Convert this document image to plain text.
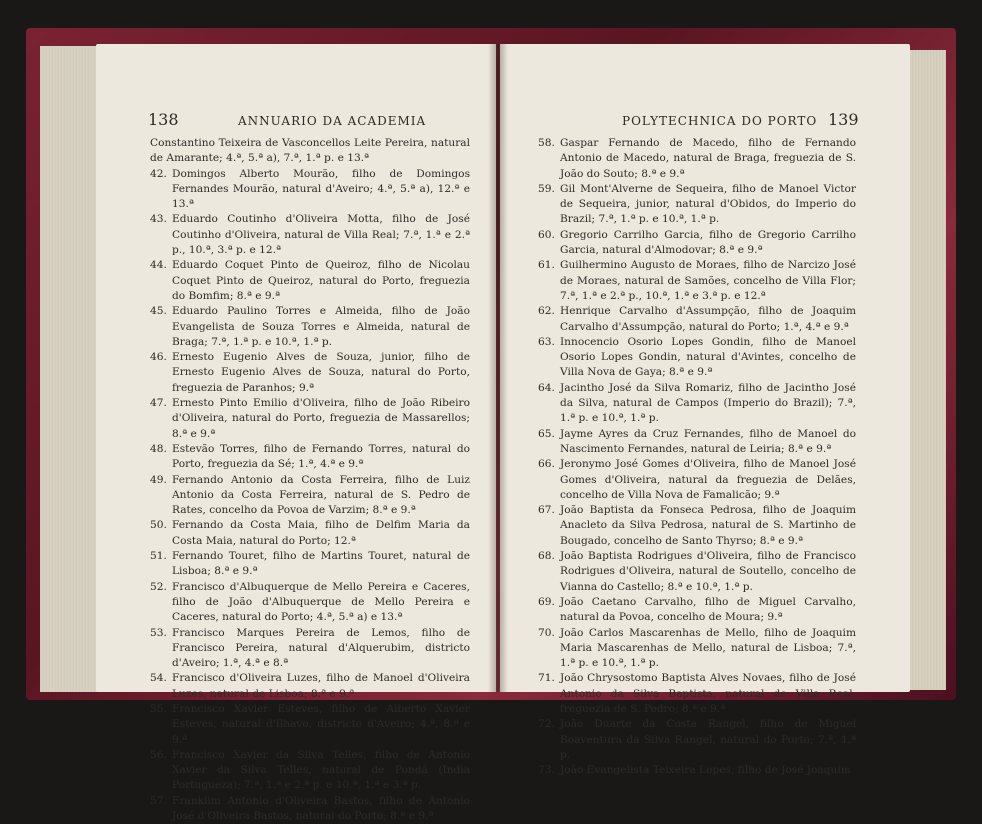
138	ANNUARIO DA ACADEMIA

Constantino Teixeira de Vasconcellos Leite Pereira, natural de Amarante; 4.ª, 5.ª a), 7.ª, 1.ª p. e 13.ª

42. Domingos Alberto Mourão, filho de Domingos Fernandes Mourão, natural d'Aveiro; 4.ª, 5.ª a), 12.ª e 13.ª

43. Eduardo Coutinho d'Oliveira Motta, filho de José Coutinho d'Oliveira, natural de Villa Real; 7.ª, 1.ª e 2.ª p., 10.ª, 3.ª p. e 12.ª

44. Eduardo Coquet Pinto de Queiroz, filho de Nicolau Coquet Pinto de Queiroz, natural do Porto, freguezia do Bomfim; 8.ª e 9.ª

45. Eduardo Paulino Torres e Almeida, filho de João Evangelista de Souza Torres e Almeida, natural de Braga; 7.ª, 1.ª p. e 10.ª, 1.ª p.

46. Ernesto Eugenio Alves de Souza, junior, filho de Ernesto Eugenio Alves de Souza, natural do Porto, freguezia de Paranhos; 9.ª

47. Ernesto Pinto Emilio d'Oliveira, filho de João Ribeiro d'Oliveira, natural do Porto, freguezia de Massarellos; 8.ª e 9.ª

48. Estevão Torres, filho de Fernando Torres, natural do Porto, freguezia da Sé; 1.ª, 4.ª e 9.ª

49. Fernando Antonio da Costa Ferreira, filho de Luiz Antonio da Costa Ferreira, natural de S. Pedro de Rates, concelho da Povoa de Varzim; 8.ª e 9.ª

50. Fernando da Costa Maia, filho de Delfim Maria da Costa Maia, natural do Porto; 12.ª

51. Fernando Touret, filho de Martins Touret, natural de Lisboa; 8.ª e 9.ª

52. Francisco d'Albuquerque de Mello Pereira e Caceres, filho de João d'Albuquerque de Mello Pereira e Caceres, natural do Porto; 4.ª, 5.ª a) e 13.ª

53. Francisco Marques Pereira de Lemos, filho de Francisco Pereira, natural d'Alquerubim, districto d'Aveiro; 1.ª, 4.ª e 8.ª

54. Francisco d'Oliveira Luzes, filho de Manoel d'Oliveira Luzes, natural de Lisboa; 8.ª e 9.ª

55. Francisco Xavier Esteves, filho de Alberto Xavier Esteves, natural d'Ilhavo, districto d'Aveiro; 4.ª, 8.ª e 9.ª

56. Francisco Xavier da Silva Telles, filho de Antonio Xavier da Silva Telles, natural de Pondá (India Portugueza); 7.ª, 1.ª e 2.ª p. e 10.ª, 1.ª e 3.ª p.

57. Franklim Antonio d'Oliveira Bastos, filho de Antonio José d'Oliveira Bastos, natural do Porto; 8.ª e 9.ª

POLYTECHNICA DO PORTO 139

58. Gaspar Fernando de Macedo, filho de Fernando Antonio de Macedo, natural de Braga, freguezia de S. João do Souto; 8.ª e 9.ª

59. Gil Mont'Alverne de Sequeira, filho de Manoel Victor de Sequeira, junior, natural d'Obidos, do Imperio do Brazil; 7.ª, 1.ª p. e 10.ª, 1.ª p.

60. Gregorio Carrilho Garcia, filho de Gregorio Carrilho Garcia, natural d'Almodovar; 8.ª e 9.ª

61. Guilhermino Augusto de Moraes, filho de Narcizo José de Moraes, natural de Samões, concelho de Villa Flor; 7.ª, 1.ª e 2.ª p., 10.ª, 1.ª e 3.ª p. e 12.ª

62. Henrique Carvalho d'Assumpção, filho de Joaquim Carvalho d'Assumpção, natural do Porto; 1.ª, 4.ª e 9.ª

63. Innocencio Osorio Lopes Gondin, filho de Manoel Osorio Lopes Gondin, natural d'Avintes, concelho de Villa Nova de Gaya; 8.ª e 9.ª

64. Jacintho José da Silva Romariz, filho de Jacintho José da Silva, natural de Campos (Imperio do Brazil); 7.ª, 1.ª p. e 10.ª, 1.ª p.

65. Jayme Ayres da Cruz Fernandes, filho de Manoel do Nascimento Fernandes, natural de Leiria; 8.ª e 9.ª

66. Jeronymo José Gomes d'Oliveira, filho de Manoel José Gomes d'Oliveira, natural da freguezia de Delães, concelho de Villa Nova de Famalicão; 9.ª

67. João Baptista da Fonseca Pedrosa, filho de Joaquim Anacleto da Silva Pedrosa, natural de S. Martinho de Bougado, concelho de Santo Thyrso; 8.ª e 9.ª

68. João Baptista Rodrigues d'Oliveira, filho de Francisco Rodrigues d'Oliveira, natural de Soutello, concelho de Vianna do Castello; 8.ª e 10.ª, 1.ª p.

69. João Caetano Carvalho, filho de Miguel Carvalho, natural da Povoa, concelho de Moura; 9.ª

70. João Carlos Mascarenhas de Mello, filho de Joaquim Maria Mascarenhas de Mello, natural de Lisboa; 7.ª, 1.ª p. e 10.ª, 1.ª p.

71. João Chrysostomo Baptista Alves Novaes, filho de José Antonio da Silva Baptista, natural de Villa Real, freguezia de S. Pedro; 8.ª e 9.ª

72. João Duarte da Costa Rangel, filho de Miguel Boaventura da Silva Rangel, natural do Porto; 7.ª, 1.ª p.

73. João Evangelista Teixeira Lopes, filho de José Joaquim
